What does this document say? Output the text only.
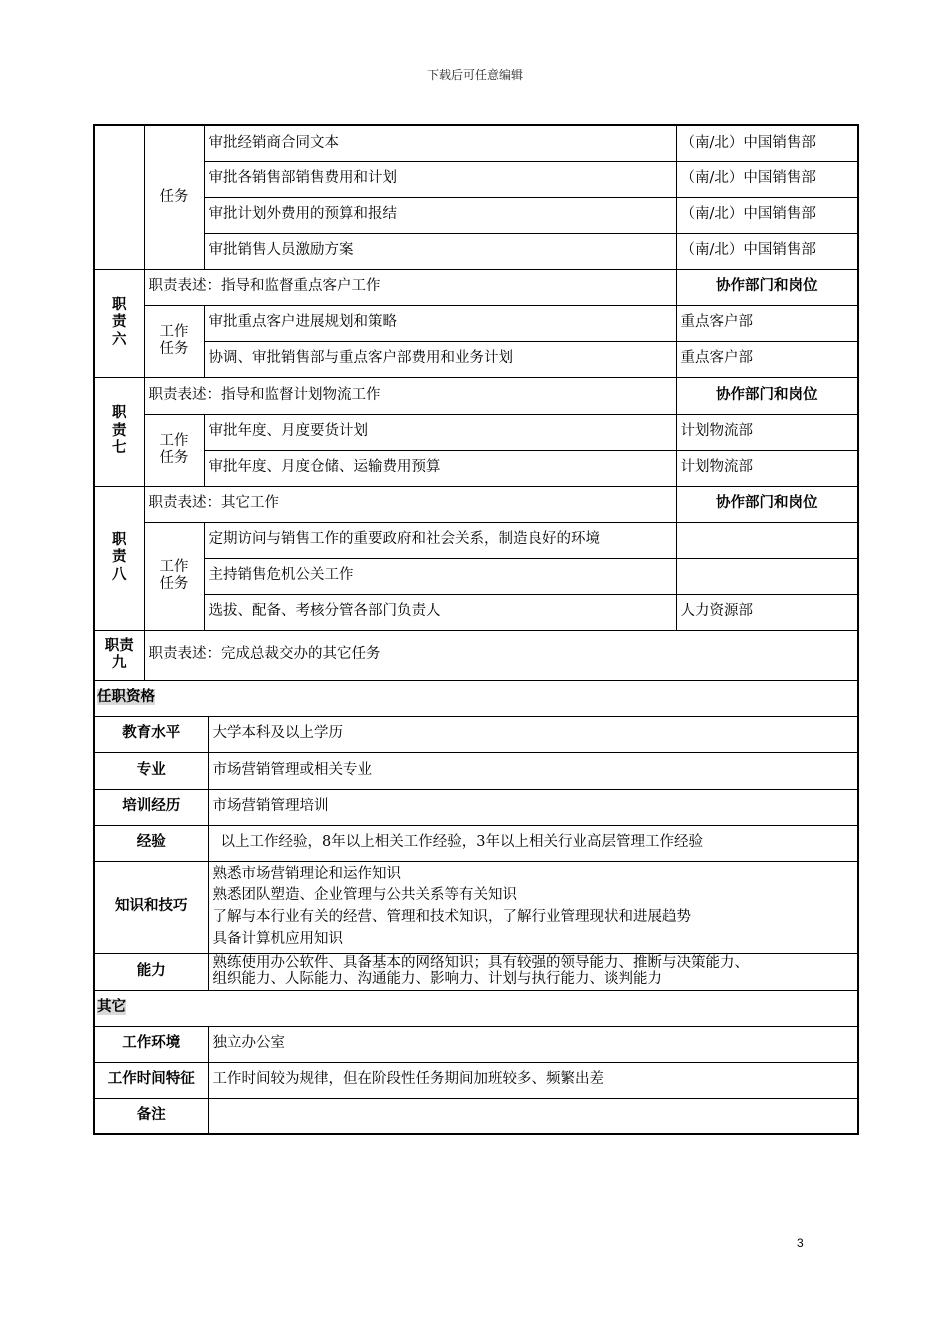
下载后可任意编辑
	任务	审批经销商合同文本		（南/北）中国销售部
		审批各销售部销售费用和计划		（南/北）中国销售部
		审批计划外费用的预算和报结		（南/北）中国销售部
		审批销售人员激励方案		（南/北）中国销售部

职责六	职责表述：指导和监督重点客户工作			协作部门和岗位

	工作任务	审批重点客户进展规划和策略		重点客户部
		协调、审批销售部与重点客户部费用和业务计划		重点客户部

职责七	职责表述：指导和监督计划物流工作			协作部门和岗位

	工作任务	审批年度、月度要货计划		计划物流部
		审批年度、月度仓储、运输费用预算		计划物流部

职责八	职责表述：其它工作			协作部门和岗位

	工作任务	定期访问与销售工作的重要政府和社会关系，制造良好的环境		
		主持销售危机公关工作		
		选拔、配备、考核分管各部门负责人		人力资源部

职责九	职责表述：完成总裁交办的其它任务			
任职资格				
教育水平			大学本科及以上学历	
专业			市场营销管理或相关专业	
培训经历			市场营销管理培训	
经验			以上工作经验，8年以上相关工作经验，3年以上相关行业高层管理工作经验	
知识和技巧			熟悉市场营销理论和运作知识
熟悉团队塑造、企业管理与公共关系等有关知识
了解与本行业有关的经营、管理和技术知识，了解行业管理现状和进展趋势
具备计算机应用知识	

能力			熟练使用办公软件、具备基本的网络知识；具有较强的领导能力、推断与决策能力、
组织能力、人际能力、沟通能力、影响力、计划与执行能力、谈判能力	

其它				
工作环境			独立办公室	
工作时间特征			工作时间较为规律，但在阶段性任务期间加班较多、频繁出差	
备注				
3
